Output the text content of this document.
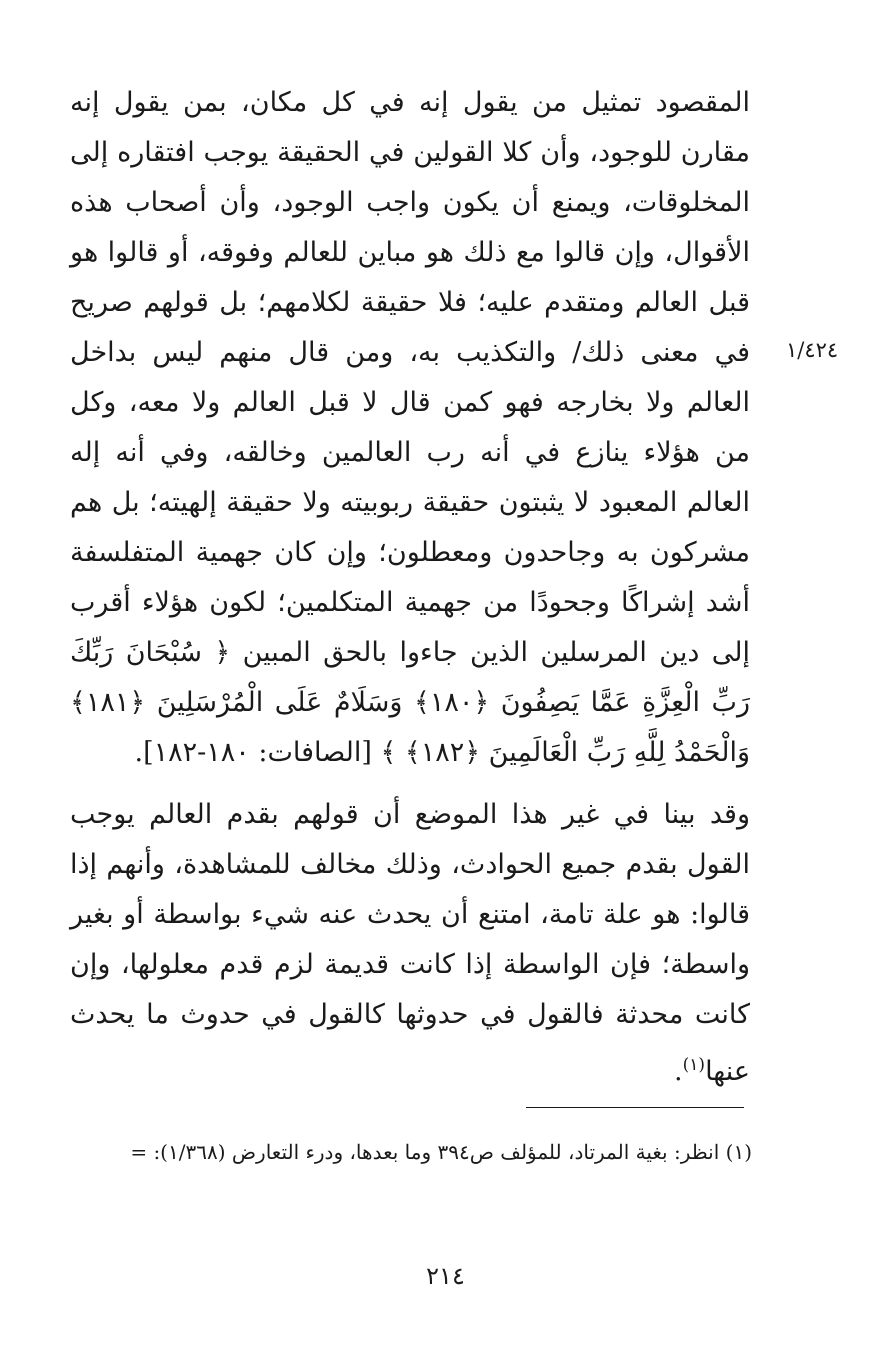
١/٤٢٤
المقصود تمثيل من يقول إنه في كل مكان، بمن يقول إنه مقارن للوجود، وأن كلا القولين في الحقيقة يوجب افتقاره إلى المخلوقات، ويمنع أن يكون واجب الوجود، وأن أصحاب هذه الأقوال، وإن قالوا مع ذلك هو مباين للعالم وفوقه، أو قالوا هو قبل العالم ومتقدم عليه؛ فلا حقيقة لكلامهم؛ بل قولهم صريح في معنى ذلك/ والتكذيب به، ومن قال منهم ليس بداخل العالم ولا بخارجه فهو كمن قال لا قبل العالم ولا معه، وكل من هؤلاء ينازع في أنه رب العالمين وخالقه، وفي أنه إله العالم المعبود لا يثبتون حقيقة ربوبيته ولا حقيقة إلهيته؛ بل هم مشركون به وجاحدون ومعطلون؛ وإن كان جهمية المتفلسفة أشد إشراكًا وجحودًا من جهمية المتكلمين؛ لكون هؤلاء أقرب إلى دين المرسلين الذين جاءوا بالحق المبين ﴿ سُبْحَانَ رَبِّكَ رَبِّ الْعِزَّةِ عَمَّا يَصِفُونَ ﴿١٨٠﴾ وَسَلَامٌ عَلَى الْمُرْسَلِينَ ﴿١٨١﴾ وَالْحَمْدُ لِلَّهِ رَبِّ الْعَالَمِينَ ﴿١٨٢﴾ ﴾ [الصافات: ١٨٠-١٨٢].
وقد بينا في غير هذا الموضع أن قولهم بقدم العالم يوجب القول بقدم جميع الحوادث، وذلك مخالف للمشاهدة، وأنهم إذا قالوا: هو علة تامة، امتنع أن يحدث عنه شيء بواسطة أو بغير واسطة؛ فإن الواسطة إذا كانت قديمة لزم قدم معلولها، وإن كانت محدثة فالقول في حدوثها كالقول في حدوث ما يحدث عنها$^{(١)}$.
(١) انظر: بغية المرتاد، للمؤلف ص٣٩٤ وما بعدها، ودرء التعارض (١/٣٦٨): =
٢١٤
